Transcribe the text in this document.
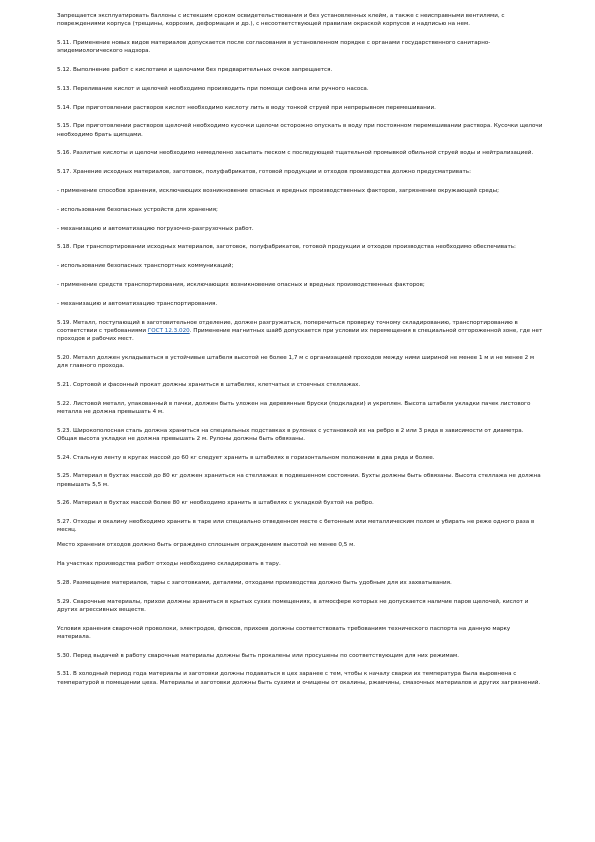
Запрещается эксплуатировать баллоны с истекшим сроком освидетельствования и без установленных клейм, а также с неисправными вентилями, с повреждениями корпуса (трещины, коррозия, деформация и др.), с несоответствующей правилам окраской корпусов и надписью на нем.

5.11. Применение новых видов материалов допускается после согласования в установленном порядке с органами государственного санитарно-эпидемиологического надзора.

5.12. Выполнение работ с кислотами и щелочами без предварительных очков запрещается.

5.13. Переливание кислот и щелочей необходимо производить при помощи сифона или ручного насоса.

5.14. При приготовлении растворов кислот необходимо кислоту лить в воду тонкой струей при непрерывном перемешивании.

5.15. При приготовлении растворов щелочей необходимо кусочки щелочи осторожно опускать в воду при постоянном перемешивании раствора. Кусочки щелочи необходимо брать щипцами.

5.16. Разлитые кислоты и щелочи необходимо немедленно засыпать песком с последующей тщательной промывкой обильной струей воды и нейтрализацией.

5.17. Хранение исходных материалов, заготовок, полуфабрикатов, готовой продукции и отходов производства должно предусматривать:

- применение способов хранения, исключающих возникновение опасных и вредных производственных факторов, загрязнение окружающей среды;

- использование безопасных устройств для хранения;

- механизацию и автоматизацию погрузочно-разгрузочных работ.

5.18. При транспортировании исходных материалов, заготовок, полуфабрикатов, готовой продукции и отходов производства необходимо обеспечивать:

- использование безопасных транспортных коммуникаций;

- применение средств транспортирования, исключающих возникновение опасных и вредных производственных факторов;

- механизацию и автоматизацию транспортирования.

5.19. Металл, поступающий в заготовительное отделение, должен разгружаться, поперечиться проверку точному складированию, транспортированию в соответствии с требованиями ГОСТ 12.3.020. Применение магнитных шайб допускается при условии их перемещения в специальной отгороженной зоне, где нет проходов и рабочих мест.

5.20. Металл должен укладываться в устойчивые штабеля высотой не более 1,7 м с организацией проходов между ними шириной не менее 1 м и не менее 2 м для главного прохода.

5.21. Сортовой и фасонный прокат должны храниться в штабелях, клетчатых и стоечных стеллажах.

5.22. Листовой металл, упакованный в пачки, должен быть уложен на деревянные бруски (подкладки) и укреплен. Высота штабеля укладки пачек листового металла не должна превышать 4 м.

5.23. Широкополосная сталь должна храниться на специальных подставках в рулонах с установкой их на ребро в 2 или 3 ряда в зависимости от диаметра. Общая высота укладки не должна превышать 2 м. Рулоны должны быть обвязаны.

5.24. Стальную ленту в кругах массой до 60 кг следует хранить в штабелях в горизонтальном положении в два ряда и более.

5.25. Материал в бухтах массой до 80 кг должен храниться на стеллажах в подвешенном состоянии. Бухты должны быть обвязаны. Высота стеллажа не должна превышать 5,5 м.

5.26. Материал в бухтах массой более 80 кг необходимо хранить в штабелях с укладкой бухтой на ребро.

5.27. Отходы и окалину необходимо хранить в таре или специально отведенном месте с бетонным или металлическим полом и убирать не реже одного раза в месяц.

Место хранения отходов должно быть ограждено сплошным ограждением высотой не менее 0,5 м.

На участках производства работ отходы необходимо складировать в тару.

5.28. Размещение материалов, тары с заготовками, деталями, отходами производства должно быть удобным для их захватывания.

5.29. Сварочные материалы, прихои должны храниться в крытых сухих помещениях, в атмосфере которых не допускается наличие паров щелочей, кислот и других агрессивных веществ.

Условия хранения сварочной проволоки, электродов, флюсов, прихоев должны соответствовать требованиям технического паспорта на данную марку материала.

5.30. Перед выдачей в работу сварочные материалы должны быть прокалены или просушены по соответствующим для них режимам.

5.31. В холодный период года материалы и заготовки должны подаваться в цех заранее с тем, чтобы к началу сварки их температура была выровнена с температурой в помещении цеха. Материалы и заготовки должны быть сухими и очищены от окалины, ржавчины, смазочных материалов и других загрязнений.
